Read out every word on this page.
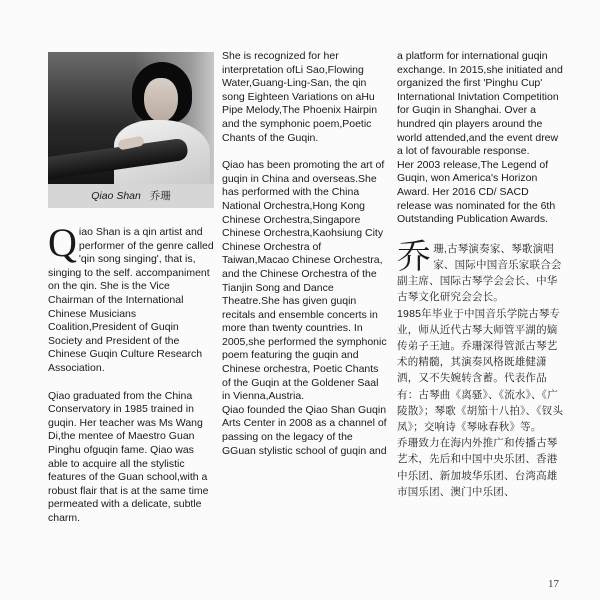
Qiao Shan 乔珊

Qiao Shan is a qin artist and performer of the genre called 'qin song singing', that is, singing to the self. accompaniment on the qin. She is the Vice Chairman of the International Chinese Musicians Coalition,President of Guqin Society and President of the Chinese Guqin Culture Research Association.

Qiao graduated from the China Conservatory in 1985 trained in guqin. Her teacher was Ms Wang Di,the mentee of Maestro Guan Pinghu ofguqin fame. Qiao was able to acquire all the stylistic features of the Guan school,with a robust flair that is at the same time permeated with a delicate, subtle charm.

She is recognized for her interpretation ofLi Sao,Flowing Water,Guang-Ling-San, the qin song Eighteen Variations on aHu Pipe Melody,The Phoenix Hairpin and the symphonic poem,Poetic Chants of the Guqin.

Qiao has been promoting the art of guqin in China and overseas.She has performed with the China National Orchestra,Hong Kong Chinese Orchestra,Singapore Chinese Orchestra,Kaohsiung City Chinese Orchestra of Taiwan,Macao Chinese Orchestra, and the Chinese Orchestra of the Tianjin Song and Dance Theatre.She has given guqin recitals and ensemble concerts in more than twenty countries. In 2005,she performed the symphonic poem featuring the guqin and Chinese orchestra, Poetic Chants of the Guqin at the Goldener Saal in Vienna,Austria.

Qiao founded the Qiao Shan Guqin Arts Center in 2008 as a channel of passing on the legacy of the GGuan stylistic school of guqin and

a platform for international guqin exchange. In 2015,she initiated and organized the first 'Pinghu Cup' International Inivtation Competition for Guqin in Shanghai. Over a hundred qin players around the world attended,and the event drew a lot of favourable response.

Her 2003 release,The Legend of Guqin, won America's Horizon Award. Her 2016 CD/ SACD release was nominated for the 6th Outstanding Publication Awards.

乔珊,古琴演奏家、琴歌演唱家、国际中国音乐家联合会副主席、国际古琴学会会长、中华古琴文化研究会会长。

1985年毕业于中国音乐学院古琴专业，师从近代古琴大师管平湖的嫡传弟子王迪。乔珊深得管派古琴艺术的精髓，其演奏风格既雄健潇洒，又不失婉转含蓄。代表作品有：古琴曲《离骚》、《流水》、《广陵散》；琴歌《胡笳十八拍》、《钗头凤》；交响诗《琴咏春秋》等。

乔珊致力在海内外推广和传播古琴艺术，先后和中国中央乐团、香港中乐团、新加坡华乐团、台湾高雄市国乐团、澳门中乐团、

17
